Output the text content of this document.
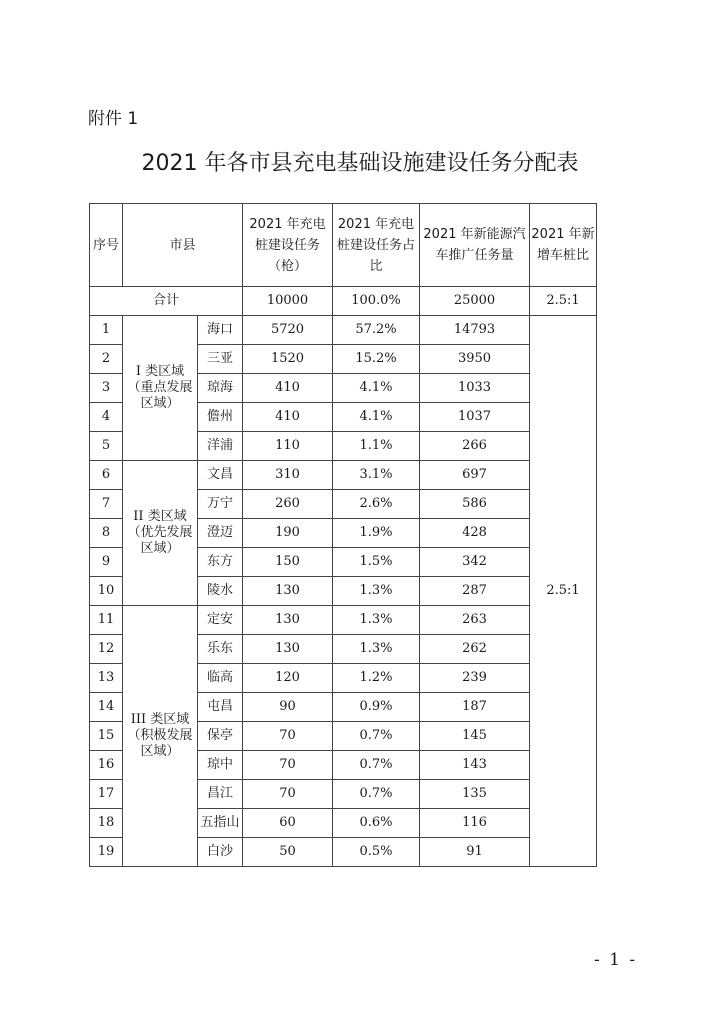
附件 1
2021 年各市县充电基础设施建设任务分配表
序号	市县		2021 年充电
桩建设任务
（枪）	2021 年充电
桩建设任务占
比	2021 年新能源汽
车推广任务量	2021 年新
增车桩比
合计			10000	100.0%	25000	2.5:1
1	I 类区域
（重点发展
区域）	海口	5720	57.2%	14793	2.5:1
2		三亚	1520	15.2%	3950	
3		琼海	410	4.1%	1033	
4		儋州	410	4.1%	1037	
5		洋浦	110	1.1%	266	
6	II 类区域
（优先发展
区域）	文昌	310	3.1%	697	
7		万宁	260	2.6%	586	
8		澄迈	190	1.9%	428	
9		东方	150	1.5%	342	
10		陵水	130	1.3%	287	
11	III 类区域
（积极发展
区域）	定安	130	1.3%	263	
12		乐东	130	1.3%	262	
13		临高	120	1.2%	239	
14		屯昌	90	0.9%	187	
15		保亭	70	0.7%	145	
16		琼中	70	0.7%	143	
17		昌江	70	0.7%	135	
18		五指山	60	0.6%	116	
19		白沙	50	0.5%	91	
- 1 -
